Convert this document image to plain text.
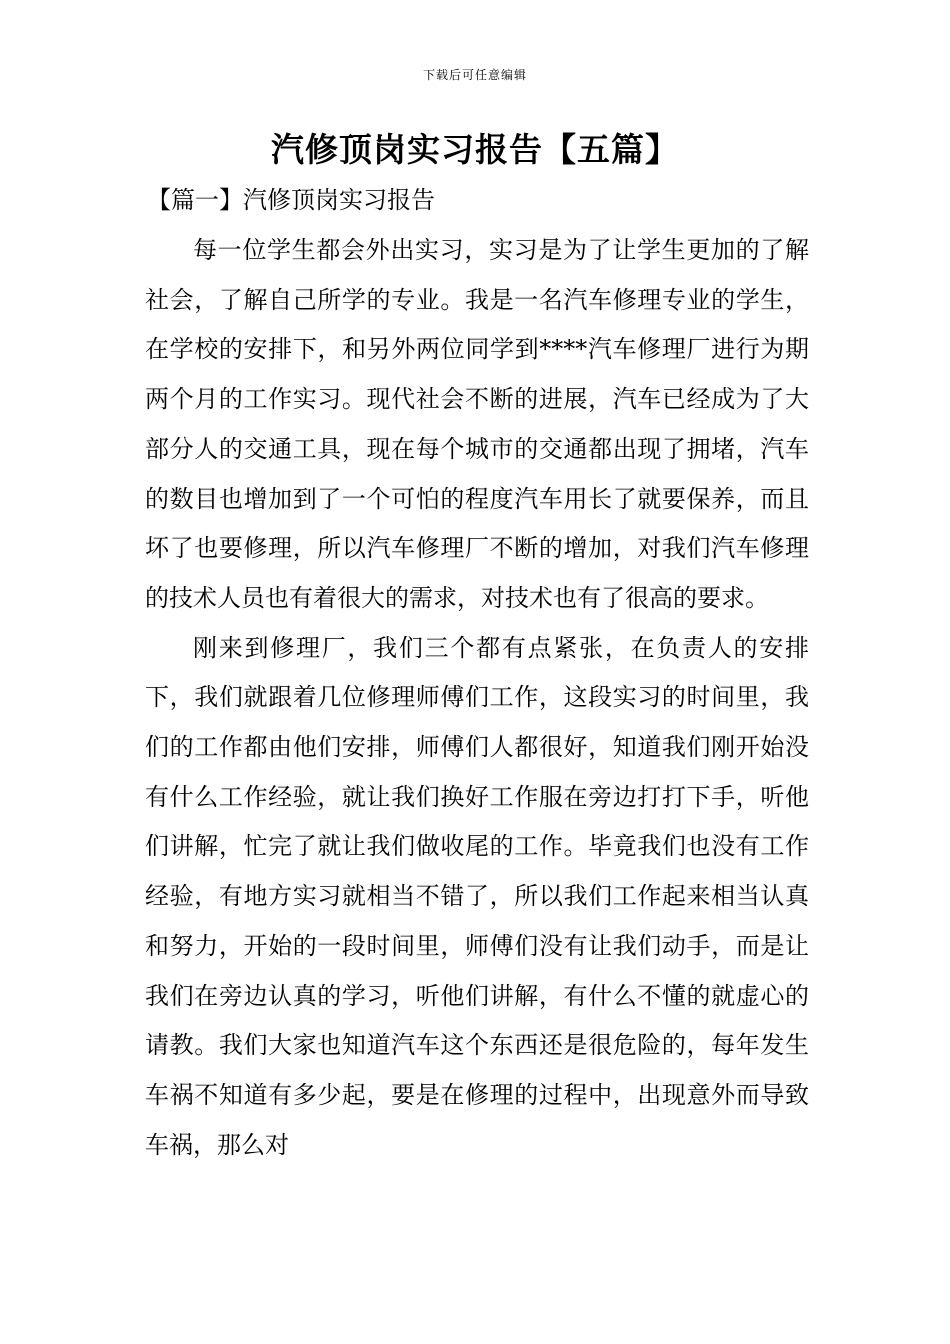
下载后可任意编辑
汽修顶岗实习报告【五篇】
【篇一】汽修顶岗实习报告

每一位学生都会外出实习，实习是为了让学生更加的了解社会，了解自己所学的专业。我是一名汽车修理专业的学生，在学校的安排下，和另外两位同学到****汽车修理厂进行为期两个月的工作实习。现代社会不断的进展，汽车已经成为了大部分人的交通工具，现在每个城市的交通都出现了拥堵，汽车的数目也增加到了一个可怕的程度汽车用长了就要保养，而且坏了也要修理，所以汽车修理厂不断的增加，对我们汽车修理的技术人员也有着很大的需求，对技术也有了很高的要求。

刚来到修理厂，我们三个都有点紧张，在负责人的安排下，我们就跟着几位修理师傅们工作，这段实习的时间里，我们的工作都由他们安排，师傅们人都很好，知道我们刚开始没有什么工作经验，就让我们换好工作服在旁边打打下手，听他们讲解，忙完了就让我们做收尾的工作。毕竟我们也没有工作经验，有地方实习就相当不错了，所以我们工作起来相当认真和努力，开始的一段时间里，师傅们没有让我们动手，而是让我们在旁边认真的学习，听他们讲解，有什么不懂的就虚心的请教。我们大家也知道汽车这个东西还是很危险的，每年发生车祸不知道有多少起，要是在修理的过程中，出现意外而导致车祸，那么对
